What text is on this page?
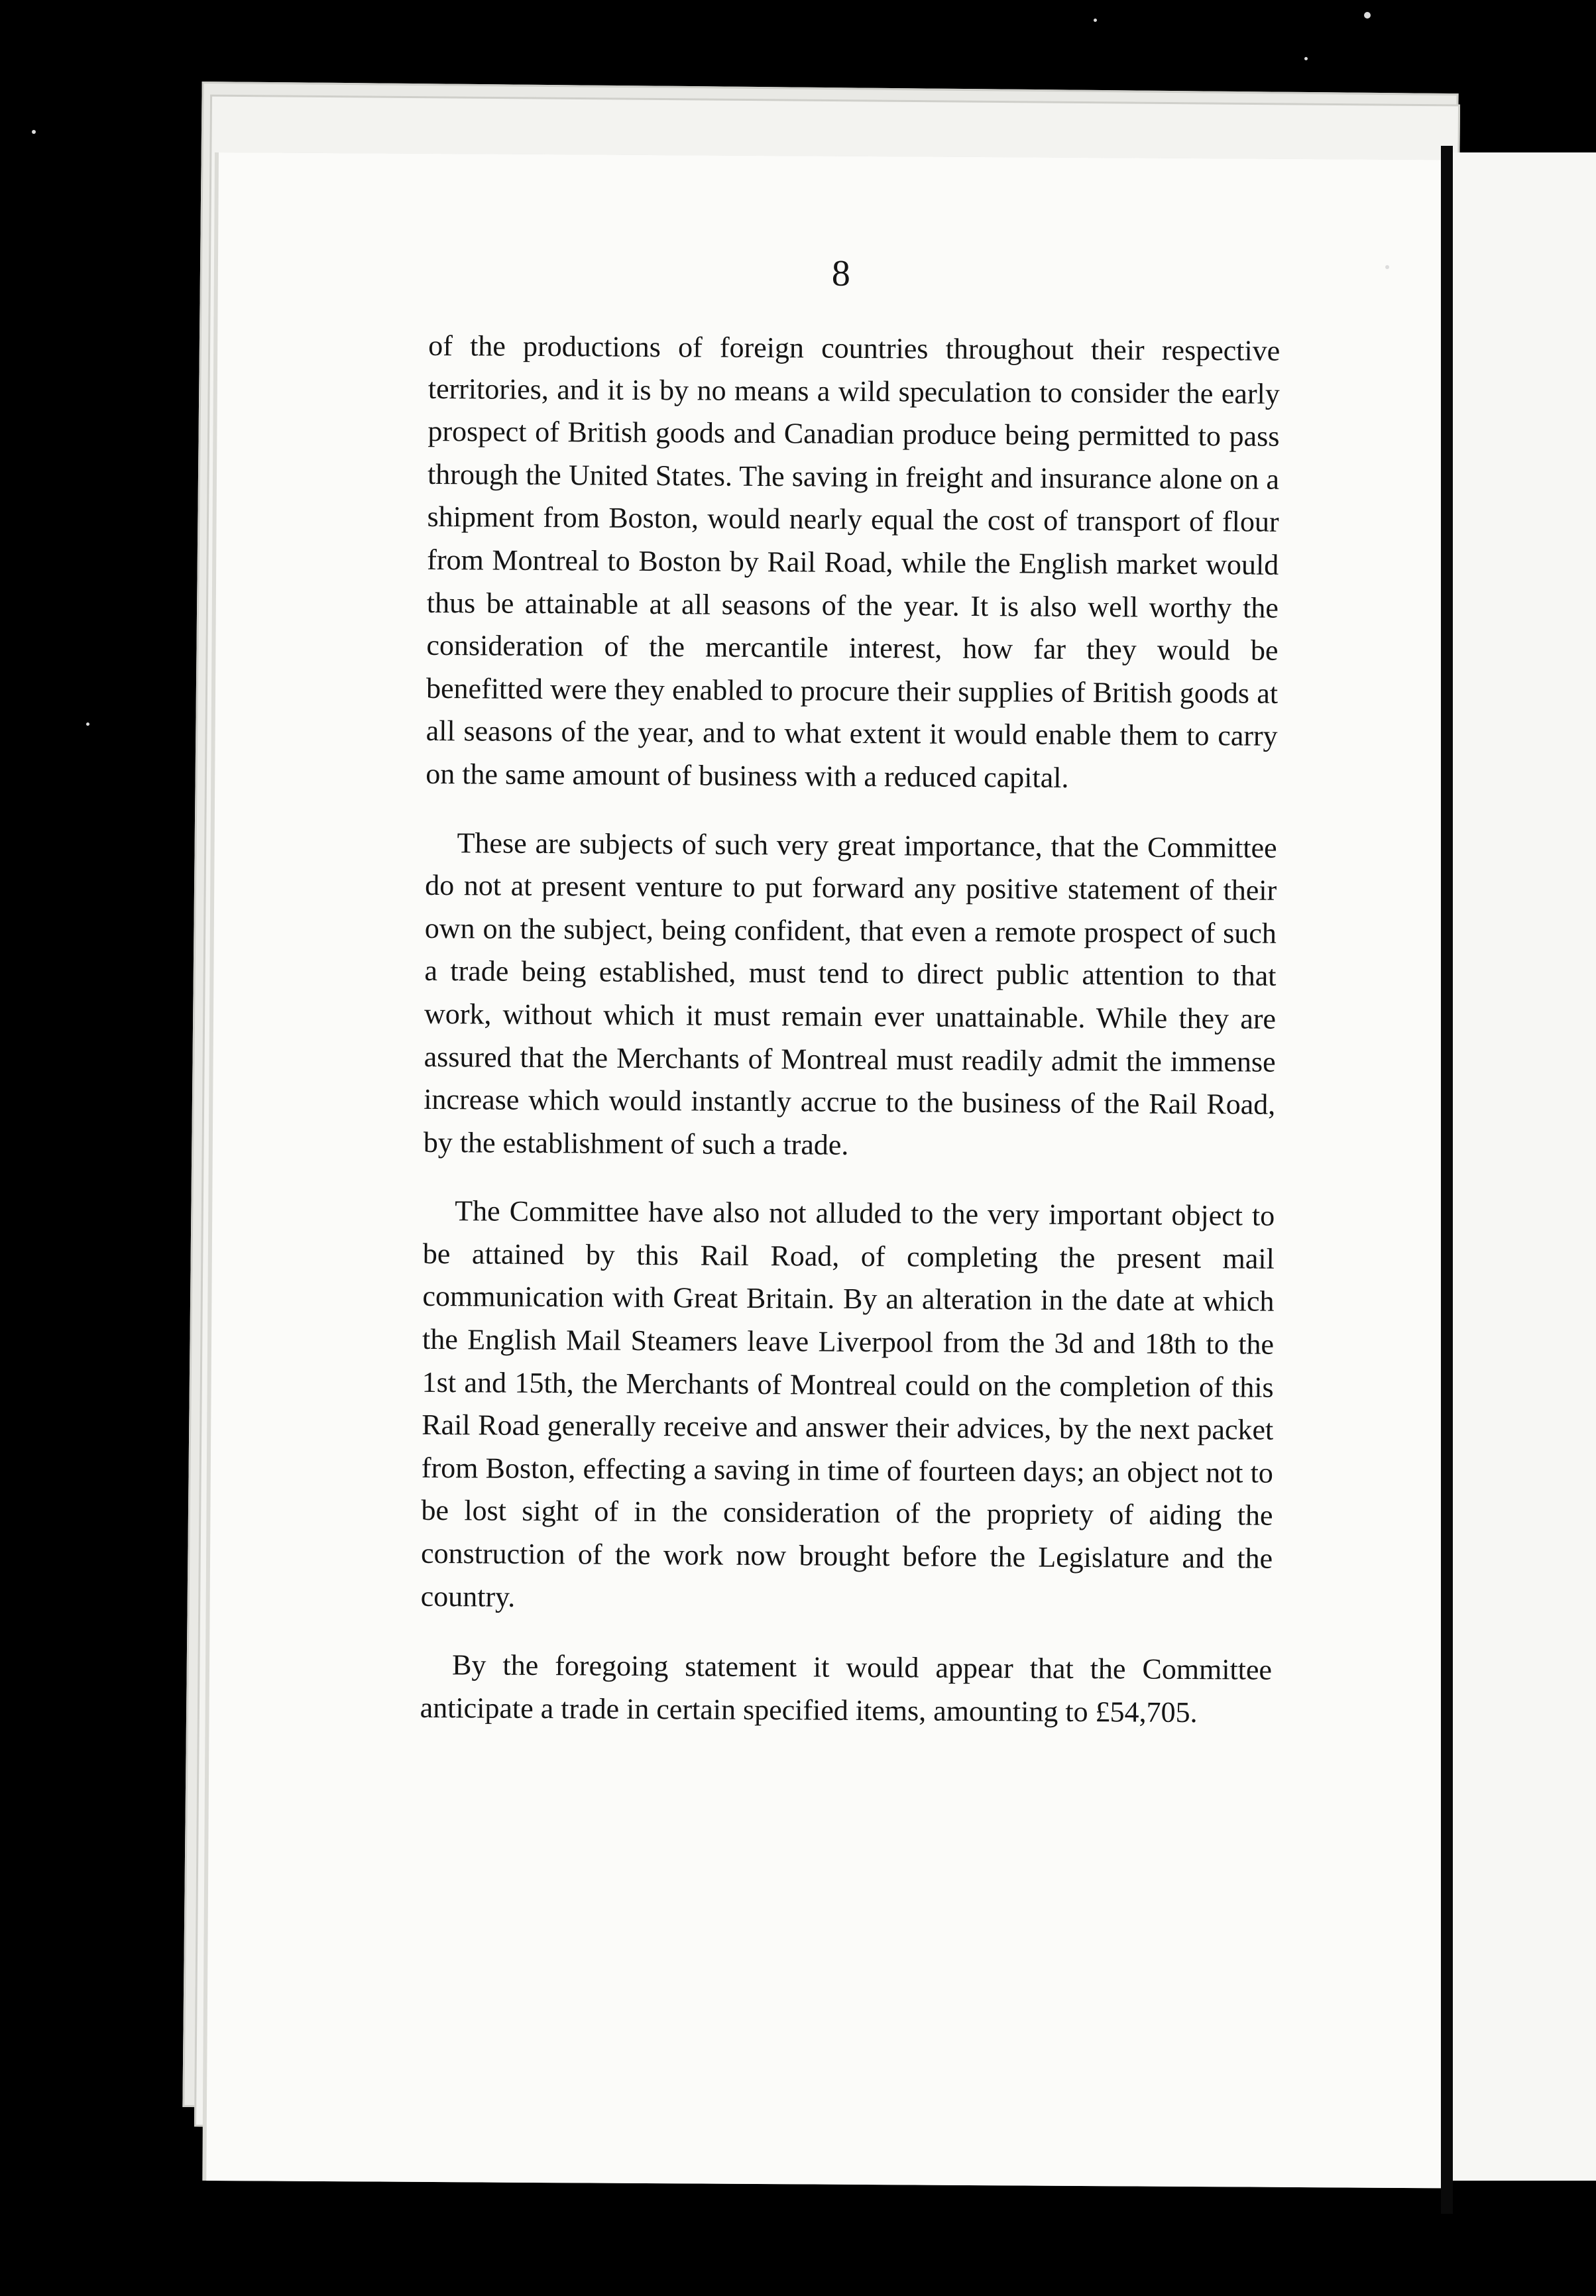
8

of the productions of foreign countries throughout their respective territories, and it is by no means a wild speculation to consider the early prospect of British goods and Canadian produce being permitted to pass through the United States. The saving in freight and insurance alone on a shipment from Boston, would nearly equal the cost of transport of flour from Montreal to Boston by Rail Road, while the English market would thus be attainable at all seasons of the year. It is also well worthy the consideration of the mercantile interest, how far they would be benefitted were they enabled to procure their supplies of British goods at all seasons of the year, and to what extent it would enable them to carry on the same amount of business with a reduced capital.

These are subjects of such very great importance, that the Committee do not at present venture to put forward any positive statement of their own on the subject, being confident, that even a remote prospect of such a trade being established, must tend to direct public attention to that work, without which it must remain ever unattainable. While they are assured that the Merchants of Montreal must readily admit the immense increase which would instantly accrue to the business of the Rail Road, by the establishment of such a trade.

The Committee have also not alluded to the very important object to be attained by this Rail Road, of completing the present mail communication with Great Britain. By an alteration in the date at which the English Mail Steamers leave Liverpool from the 3d and 18th to the 1st and 15th, the Merchants of Montreal could on the completion of this Rail Road generally receive and answer their advices, by the next packet from Boston, effecting a saving in time of fourteen days; an object not to be lost sight of in the consideration of the propriety of aiding the construction of the work now brought before the Legislature and the country.

By the foregoing statement it would appear that the Committee anticipate a trade in certain specified items, amounting to £54,705.
